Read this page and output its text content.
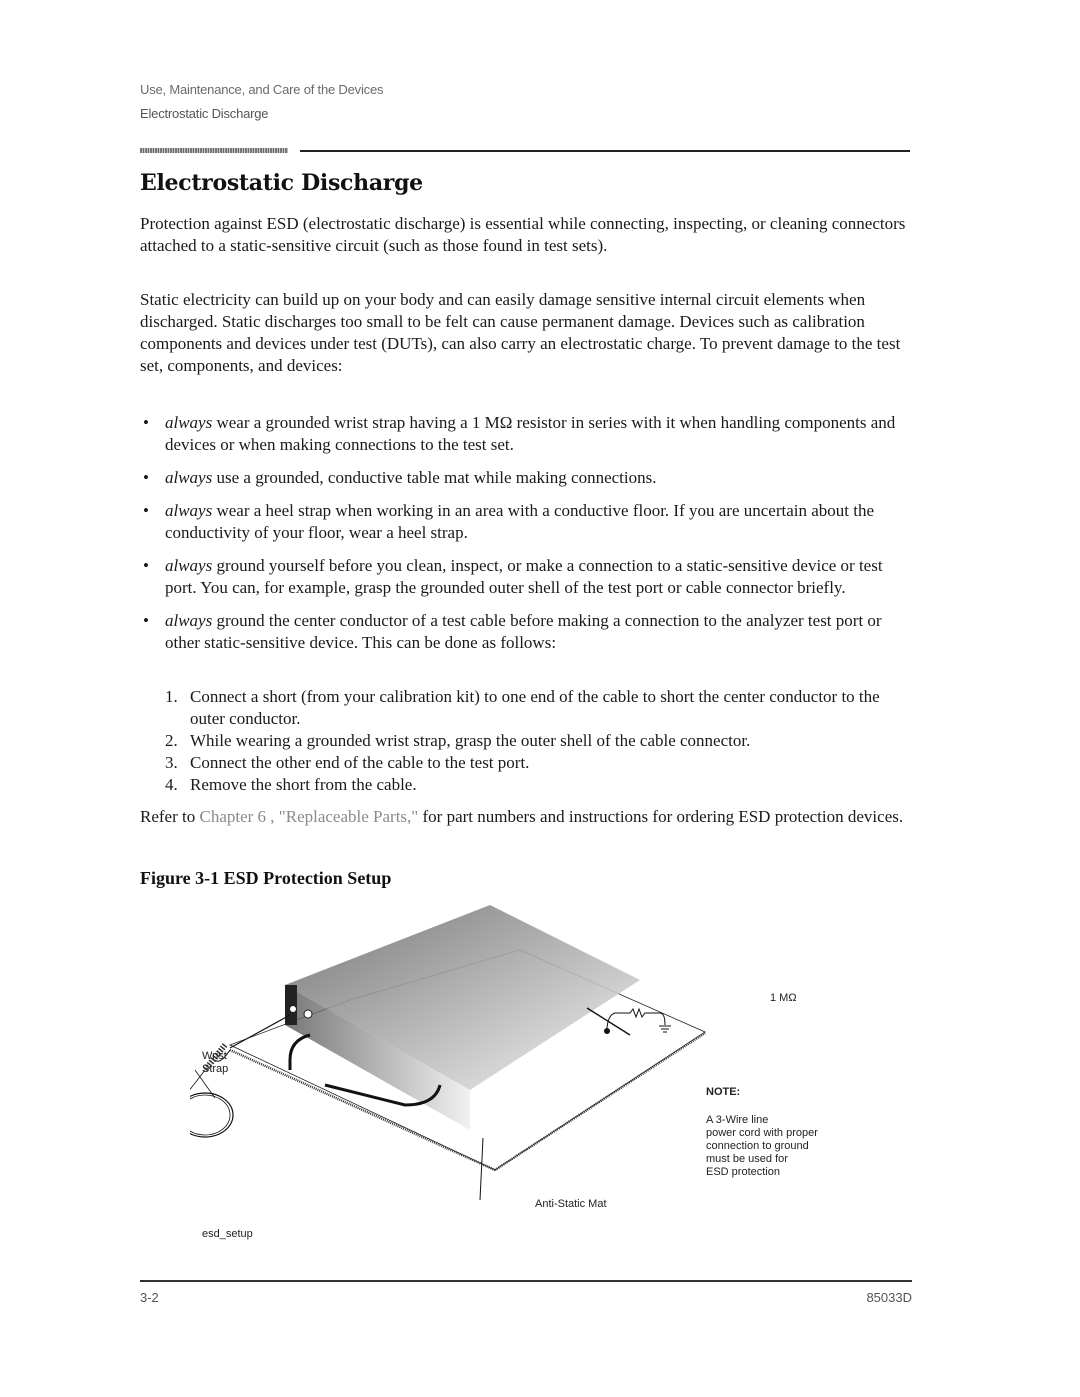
Use, Maintenance, and Care of the Devices
Electrostatic Discharge
Electrostatic Discharge

Protection against ESD (electrostatic discharge) is essential while connecting, inspecting, or cleaning connectors attached to a static-sensitive circuit (such as those found in test sets).

Static electricity can build up on your body and can easily damage sensitive internal circuit elements when discharged. Static discharges too small to be felt can cause permanent damage. Devices such as calibration components and devices under test (DUTs), can also carry an electrostatic charge. To prevent damage to the test set, components, and devices:

• always wear a grounded wrist strap having a 1 MΩ resistor in series with it when handling components and devices or when making connections to the test set.
• always use a grounded, conductive table mat while making connections.
• always wear a heel strap when working in an area with a conductive floor. If you are uncertain about the conductivity of your floor, wear a heel strap.
• always ground yourself before you clean, inspect, or make a connection to a static-sensitive device or test port. You can, for example, grasp the grounded outer shell of the test port or cable connector briefly.
• always ground the center conductor of a test cable before making a connection to the analyzer test port or other static-sensitive device. This can be done as follows:
1. Connect a short (from your calibration kit) to one end of the cable to short the center conductor to the outer conductor.
2. While wearing a grounded wrist strap, grasp the outer shell of the cable connector.
3. Connect the other end of the cable to the test port.
4. Remove the short from the cable.

Refer to Chapter 6 , "Replaceable Parts," for part numbers and instructions for ordering ESD protection devices.

Figure 3-1 ESD Protection Setup
Wrist
Strap
1 MΩ
NOTE:
A 3-Wire line
power cord with proper
connection to ground
must be used for
ESD protection
Anti-Static Mat
esd_setup
3-2	85033D
